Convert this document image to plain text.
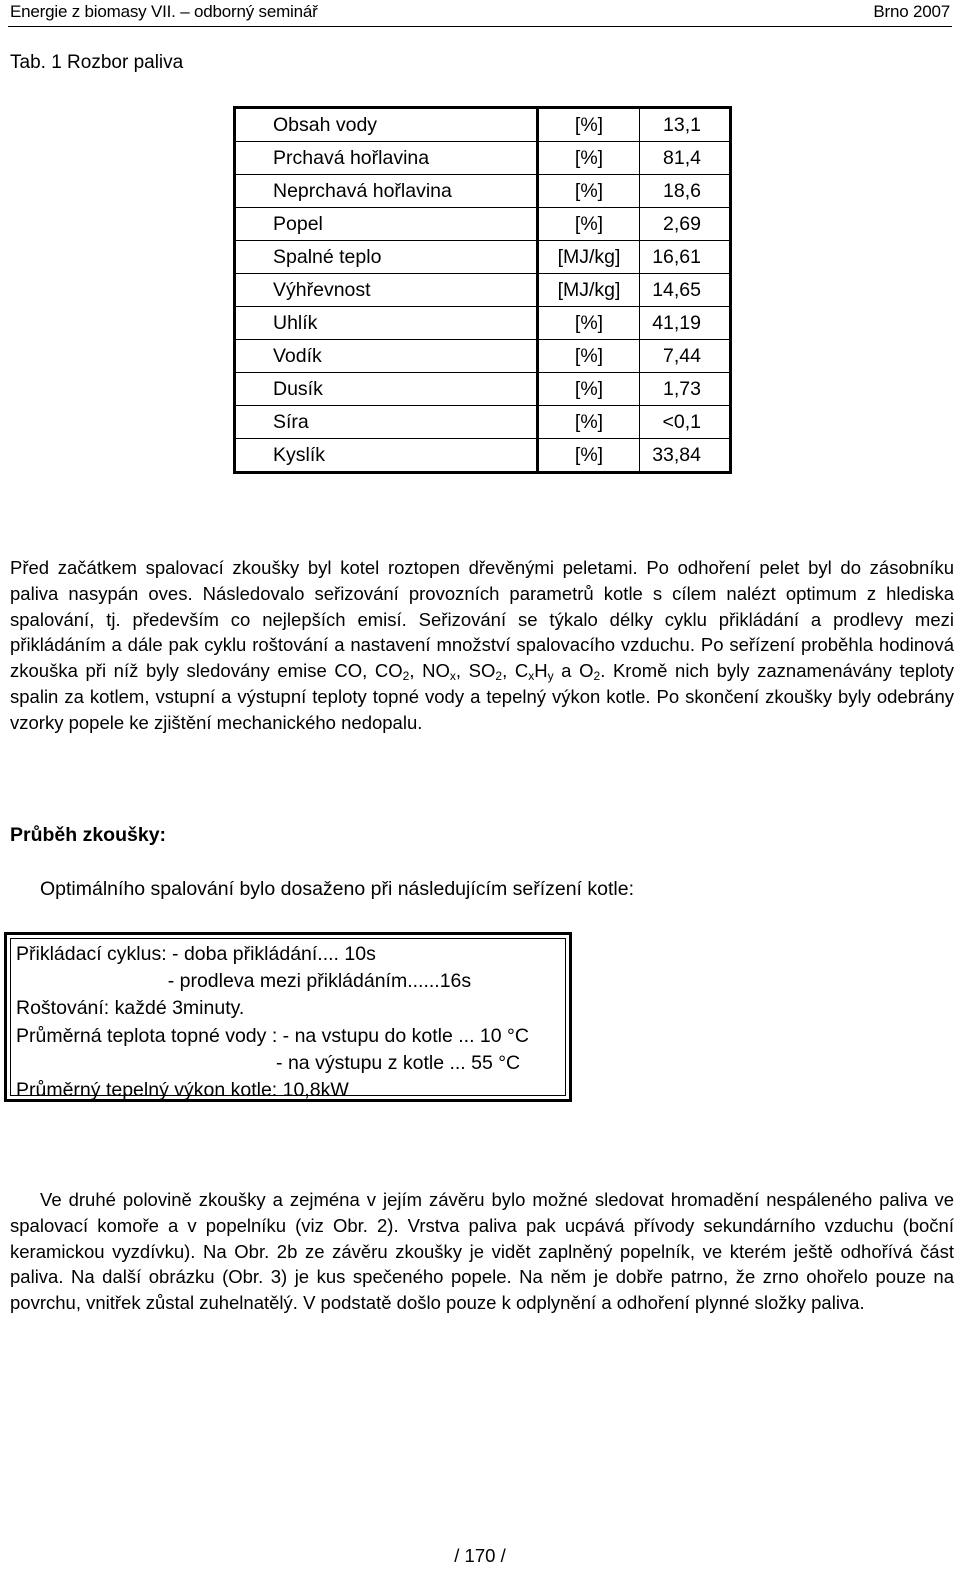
Energie z biomasy VII. – odborný seminář	Brno 2007
Tab. 1 Rozbor paliva
Obsah vody	[%]	13,1
Prchavá hořlavina	[%]	81,4
Neprchavá hořlavina	[%]	18,6
Popel	[%]	2,69
Spalné teplo	[MJ/kg]	16,61
Výhřevnost	[MJ/kg]	14,65
Uhlík	[%]	41,19
Vodík	[%]	7,44
Dusík	[%]	1,73
Síra	[%]	<0,1
Kyslík	[%]	33,84
Před začátkem spalovací zkoušky byl kotel roztopen dřevěnými peletami. Po odhoření pelet byl do zásobníku paliva nasypán oves. Následovalo seřizování provozních parametrů kotle s cílem nalézt optimum z hlediska spalování, tj. především co nejlepších emisí. Seřizování se týkalo délky cyklu přikládání a prodlevy mezi přikládáním a dále pak cyklu roštování a nastavení množství spalovacího vzduchu. Po seřízení proběhla hodinová zkouška při níž byly sledovány emise CO, $CO_2$, $NO_x$, $SO_2$, $C_xH_y$ a $O_2$. Kromě nich byly zaznamenávány teploty spalin za kotlem, vstupní a výstupní teploty topné vody a tepelný výkon kotle. Po skončení zkoušky byly odebrány vzorky popele ke zjištění mechanického nedopalu.
Průběh zkoušky:
Optimálního spalování bylo dosaženo při následujícím seřízení kotle:
Přikládací cyklus: - doba přikládání.... 10s
- prodleva mezi přikládáním......16s
Roštování: každé 3minuty.
Průměrná teplota topné vody : - na vstupu do kotle ... 10 °C
- na výstupu z kotle ... 55 °C
Průměrný tepelný výkon kotle: 10,8kW
Ve druhé polovině zkoušky a zejména v jejím závěru bylo možné sledovat hromadění nespáleného paliva ve spalovací komoře a v popelníku (viz Obr. 2). Vrstva paliva pak ucpává přívody sekundárního vzduchu (boční keramickou vyzdívku). Na Obr. 2b ze závěru zkoušky je vidět zaplněný popelník, ve kterém ještě odhořívá část paliva. Na další obrázku (Obr. 3) je kus spečeného popele. Na něm je dobře patrno, že zrno ohořelo pouze na povrchu, vnitřek zůstal zuhelnatělý. V podstatě došlo pouze k odplynění a odhoření plynné složky paliva.
/ 170 /
